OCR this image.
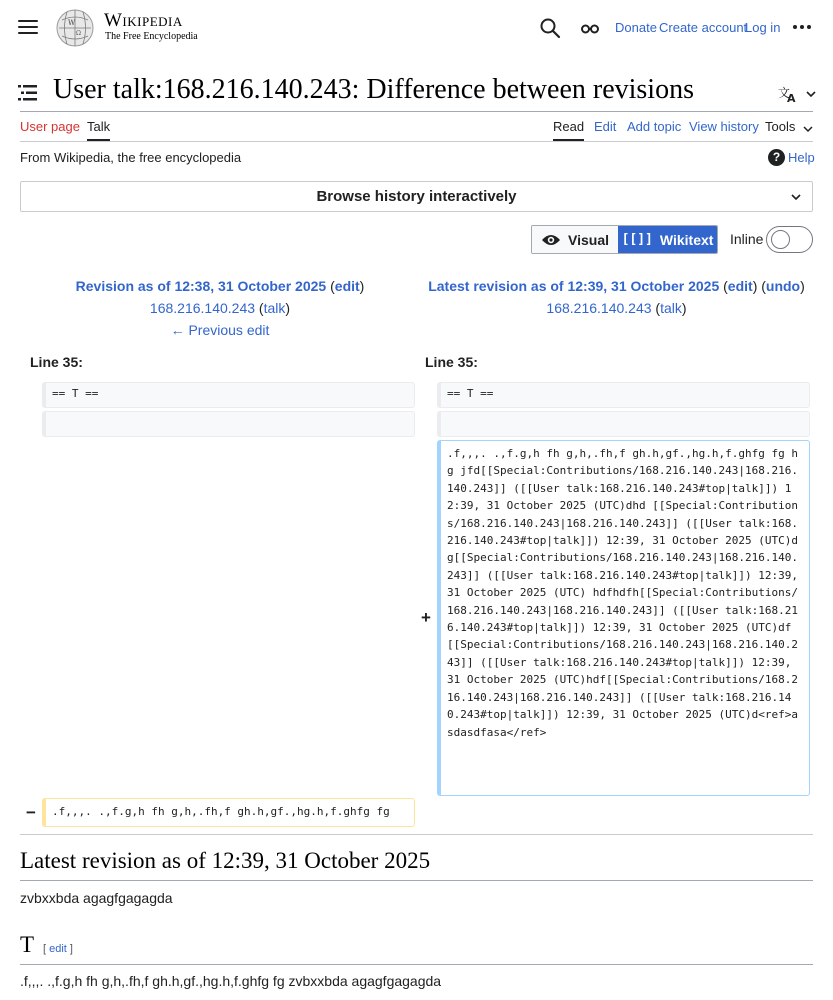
W
Ω
Wikipedia
The Free Encyclopedia
Donate Create account
Log in
User talk:168.216.140.243: Difference between revisions	文
A
User page Talk	Read Edit Add topic View history Tools
From Wikipedia, the free encyclopedia	? Help
Browse history interactively
Visual [[]] Wikitext Inline
Revision as of 12:38, 31 October 2025 (edit)
168.216.140.243 (talk)
← Previous edit
Latest revision as of 12:39, 31 October 2025 (edit) (undo)
168.216.140.243 (talk)
Line 35:	Line 35:
== T ==	== T ==
+
.f,,,. .,f.g,h fh g,h,.fh,f gh.h,gf.,hg.h,f.ghfg fg hg jfd[[Special:Contributions/168.216.140.243|168.216.140.243]] ([[User talk:168.216.140.243#top|talk]]) 12:39, 31 October 2025 (UTC)dhd [[Special:Contributions/168.216.140.243|168.216.140.243]] ([[User talk:168.216.140.243#top|talk]]) 12:39, 31 October 2025 (UTC)dg[[Special:Contributions/168.216.140.243|168.216.140.243]] ([[User talk:168.216.140.243#top|talk]]) 12:39, 31 October 2025 (UTC) hdfhdfh[[Special:Contributions/168.216.140.243|168.216.140.243]] ([[User talk:168.216.140.243#top|talk]]) 12:39, 31 October 2025 (UTC)df [[Special:Contributions/168.216.140.243|168.216.140.243]] ([[User talk:168.216.140.243#top|talk]]) 12:39, 31 October 2025 (UTC)hdf[[Special:Contributions/168.216.140.243|168.216.140.243]] ([[User talk:168.216.140.243#top|talk]]) 12:39, 31 October 2025 (UTC)d<ref>asdasdfasa</ref>
−	.f,,,. .,f.g,h fh g,h,.fh,f gh.h,gf.,hg.h,f.ghfg fg
Latest revision as of 12:39, 31 October 2025
zvbxxbda agagfgagagda
T [ edit ]
.f,,,. .,f.g,h fh g,h,.fh,f gh.h,gf.,hg.h,f.ghfg fg zvbxxbda agagfgagagda
